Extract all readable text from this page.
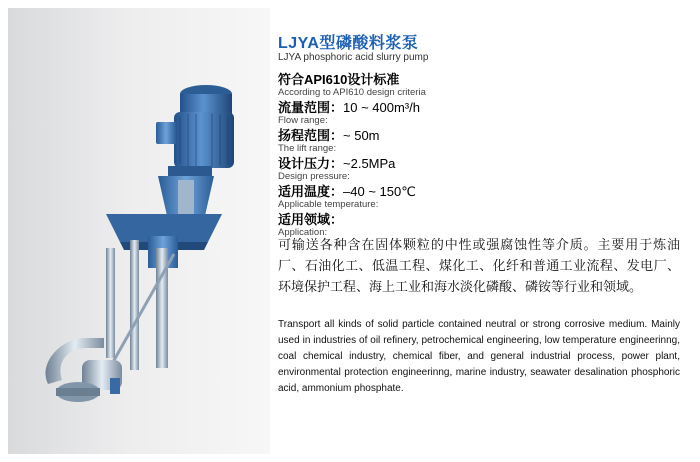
LJYA型磷酸料浆泵

LJYA phosphoric acid slurry pump

符合API610设计标准
According to API610 design criteria
流量范围：10 ~ 400m³/h
Flow range:
扬程范围：~ 50m
The lift range:
设计压力：~2.5MPa
Design pressure:
适用温度：–40 ~ 150℃
Applicable temperature:
适用领域：
Application:

可输送各种含在固体颗粒的中性或强腐蚀性等介质。主要用于炼油厂、石油化工、低温工程、煤化工、化纤和普通工业流程、发电厂、环境保护工程、海上工业和海水淡化磷酸、磷铵等行业和领域。

Transport all kinds of solid particle contained neutral or strong corrosive medium. Mainly used in industries of oil refinery, petrochemical engineering, low temperature engineerinng, coal chemical industry, chemical fiber, and general industrial process, power plant, environmental protection engineerinng, marine industry, seawater desalination phosphoric acid, ammonium phosphate.
